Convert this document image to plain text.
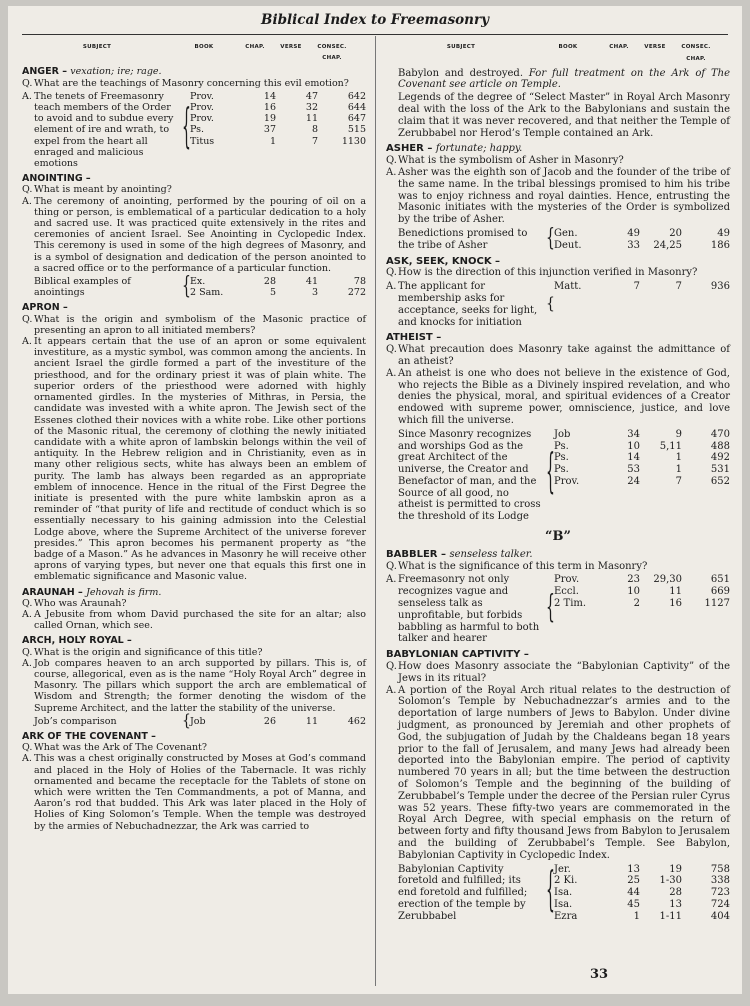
Biblical Index to Freemasonry
SUBJECT	BOOK	CHAP.	VERSE	CONSEC. CHAP.
ANGER – vexation; ire; rage.
Q. What are the teachings of Masonry concerning this evil emotion?
A. The tenets of Freemasonry teach members of the Order to avoid and to subdue every element of ire and wrath, to expel from the heart all enraged and malicious emotions
{
Prov.	14	47	642
Prov.	16	32	644
Prov.	19	11	647
Ps.	37	8	515
Titus	1	7	1130
ANOINTING –
Q. What is meant by anointing?
A. The ceremony of anointing, performed by the pouring of oil on a thing or person, is emblematical of a particular dedication to a holy and sacred use. It was practiced quite extensively in the rites and ceremonies of ancient Israel. See Anointing in Cyclopedic Index. This ceremony is used in some of the high degrees of Masonry, and is a symbol of designation and dedication of the person anointed to a sacred office or to the performance of a particular function.
Biblical examples of anointings	{ Ex.	28	41	78
2 Sam.	5	3	272
APRON –
Q. What is the origin and symbolism of the Masonic practice of presenting an apron to all initiated members?
A. It appears certain that the use of an apron or some equivalent investiture, as a mystic symbol, was common among the ancients. In ancient Israel the girdle formed a part of the investiture of the priesthood, and for the ordinary priest it was of plain white. The superior orders of the priesthood were adorned with highly ornamented girdles. In the mysteries of Mithras, in Persia, the candidate was invested with a white apron. The Jewish sect of the Essenes clothed their novices with a white robe. Like other portions of the Masonic ritual, the ceremony of clothing the newly initiated candidate with a white apron of lambskin belongs within the veil of antiquity. In the Hebrew religion and in Christianity, even as in many other religious sects, white has always been an emblem of purity. The lamb has always been regarded as an appropriate emblem of innocence. Hence in the ritual of the First Degree the initiate is presented with the pure white lambskin apron as a reminder of “that purity of life and rectitude of conduct which is so essentially necessary to his gaining admission into the Celestial Lodge above, where the Supreme Architect of the universe forever presides.” This apron becomes his permanent property as “the badge of a Mason.” As he advances in Masonry he will receive other aprons of varying types, but never one that equals this first one in emblematic significance and Masonic value.
ARAUNAH – Jehovah is firm.
Q. Who was Araunah?
A. A Jebusite from whom David purchased the site for an altar; also called Ornan, which see.
ARCH, HOLY ROYAL –
Q. What is the origin and significance of this title?
A. Job compares heaven to an arch supported by pillars. This is, of course, allegorical, even as is the name “Holy Royal Arch” degree in Masonry. The pillars which support the arch are emblematical of Wisdom and Strength; the former denoting the wisdom of the Supreme Architect, and the latter the stability of the universe.
Job’s comparison	{ Job	26	11	462
ARK OF THE COVENANT –
Q. What was the Ark of The Covenant?
A. This was a chest originally constructed by Moses at God’s command and placed in the Holy of Holies of the Tabernacle. It was richly ornamented and became the receptacle for the Tablets of stone on which were written the Ten Commandments, a pot of Manna, and Aaron’s rod that budded. This Ark was later placed in the Holy of Holies of King Solomon’s Temple. When the temple was destroyed by the armies of Nebuchadnezzar, the Ark was carried to
SUBJECT	BOOK	CHAP.	VERSE	CONSEC. CHAP.
Babylon and destroyed. For full treatment on the Ark of The Covenant see article on Temple.
Legends of the degree of “Select Master” in Royal Arch Masonry deal with the loss of the Ark to the Babylonians and sustain the claim that it was never recovered, and that neither the Temple of Zerubbabel nor Herod’s Temple contained an Ark.
ASHER – fortunate; happy.
Q. What is the symbolism of Asher in Masonry?
A. Asher was the eighth son of Jacob and the founder of the tribe of the same name. In the tribal blessings promised to him his tribe was to enjoy richness and royal dainties. Hence, entrusting the Masonic initiates with the mysteries of the Order is symbolized by the tribe of Asher.
Benedictions promised to the tribe of Asher	{ Gen.	49	20	49
Deut.	33	24,25	186
ASK, SEEK, KNOCK –
Q. How is the direction of this injunction verified in Masonry?
A. The applicant for membership asks for acceptance, seeks for light, and knocks for initiation
{
Matt.	7	7	936
ATHEIST –
Q. What precaution does Masonry take against the admittance of an atheist?
A. An atheist is one who does not believe in the existence of God, who rejects the Bible as a Divinely inspired revelation, and who denies the physical, moral, and spiritual evidences of a Creator endowed with supreme power, omniscience, justice, and love which fill the universe.
Since Masonry recognizes and worships God as the great Architect of the universe, the Creator and Benefactor of man, and the Source of all good, no atheist is permitted to cross the threshold of its Lodge
{
Job	34	9	470
Ps.	10	5,11	488
Ps.	14	1	492
Ps.	53	1	531
Prov.	24	7	652
“B”
BABBLER – senseless talker.
Q. What is the significance of this term in Masonry?
A. Freemasonry not only recognizes vague and senseless talk as unprofitable, but forbids babbling as harmful to both talker and hearer
{
Prov.	23	29,30	651
Eccl.	10	11	669
2 Tim.	2	16	1127
BABYLONIAN CAPTIVITY –
Q. How does Masonry associate the “Babylonian Captivity” of the Jews in its ritual?
A. A portion of the Royal Arch ritual relates to the destruction of Solomon’s Temple by Nebuchadnezzar’s armies and to the deportation of large numbers of Jews to Babylon. Under divine judgment, as pronounced by Jeremiah and other prophets of God, the subjugation of Judah by the Chaldeans began 18 years prior to the fall of Jerusalem, and many Jews had already been deported into the Babylonian empire. The period of captivity numbered 70 years in all; but the time between the destruction of Solomon’s Temple and the beginning of the building of Zerubbabel’s Temple under the decree of the Persian ruler Cyrus was 52 years. These fifty-two years are commemorated in the Royal Arch Degree, with special emphasis on the return of between forty and fifty thousand Jews from Babylon to Jerusalem and the building of Zerubbabel’s Temple. See Babylon, Babylonian Captivity in Cyclopedic Index.
Babylonian Captivity foretold and fulfilled; its end foretold and fulfilled; erection of the temple by Zerubbabel	{ Jer.	13	19	758
2 Ki.	25	1-30	338
Isa.	44	28	723
Isa.	45	13	724
Ezra	1	1-11	404
33
